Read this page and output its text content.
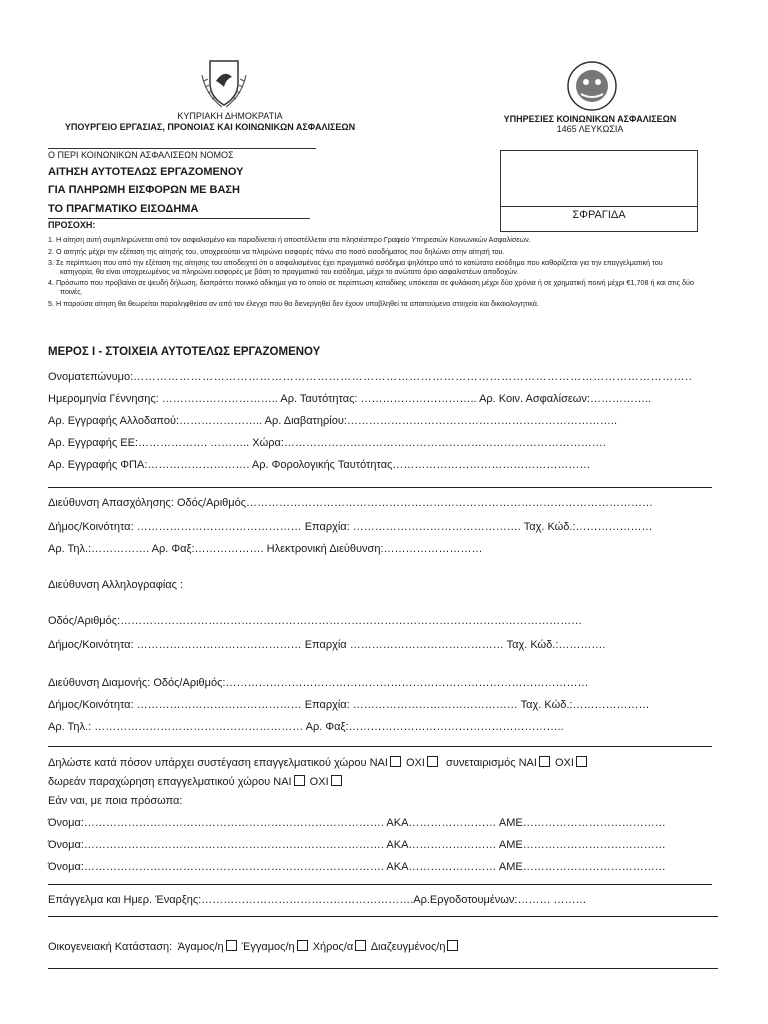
ΚΥΠΡΙΑΚΗ ΔΗΜΟΚΡΑΤΙΑ
ΥΠΟΥΡΓΕΙΟ ΕΡΓΑΣΙΑΣ, ΠΡΟΝΟΙΑΣ ΚΑΙ ΚΟΙΝΩΝΙΚΩΝ ΑΣΦΑΛΙΣΕΩΝ
ΥΠΗΡΕΣΙΕΣ ΚΟΙΝΩΝΙΚΩΝ ΑΣΦΑΛΙΣΕΩΝ
1465 ΛΕΥΚΩΣΙΑ
Ο ΠΕΡΙ ΚΟΙΝΩΝΙΚΩΝ ΑΣΦΑΛΙΣΕΩΝ ΝΟΜΟΣ
ΑΙΤΗΣΗ ΑΥΤΟΤΕΛΩΣ ΕΡΓΑΖΟΜΕΝΟΥ
ΓΙΑ ΠΛΗΡΩΜΗ ΕΙΣΦΟΡΩΝ ΜΕ ΒΑΣΗ
ΤΟ ΠΡΑΓΜΑΤΙΚΟ ΕΙΣΟΔΗΜΑ	ΣΦΡΑΓΙΔΑ
ΠΡΟΣΟΧΗ:
1. Η αίτηση αυτή συμπληρώνεται από τον ασφαλισμένο και παραδίνεται ή αποστέλλεται στο πλησιέστερο Γραφείο Υπηρεσιών Κοινωνικών Ασφαλίσεων.
2. Ο αιτητής μέχρι την εξέταση της αίτησής του, υποχρεούται να πληρώνει εισφορές πάνω στο ποσό εισοδήματος που δηλώνει στην αίτησή του.
3. Σε περίπτωση που από την εξέταση της αίτησης του αποδειχτεί ότι ο ασφαλισμένος έχει πραγματικό εισόδημα ψηλότερο από το κατώτατο εισόδημα που καθορίζεται για την επαγγελματική του κατηγορία, θα είναι υποχρεωμένος να πληρώνει εισφορές με βάση το πραγματικό του εισόδημα, μέχρι το ανώτατο όριο ασφαλιστέων αποδοχών.
4. Πρόσωπο που προβαίνει σε ψευδή δήλωση, διαπράττει ποινικό αδίκημα για το οποίο σε περίπτωση καταδίκης υπόκειται σε φυλάκιση μέχρι δύο χρόνια ή σε χρηματική ποινή μέχρι €1,708 ή και στις δύο ποινές.
5. Η παρούσα αίτηση θα θεωρείται παραληφθείσα αν από τον έλεγχο που θα διενεργηθεί δεν έχουν υποβληθεί τα απαιτούμενα στοιχεία και δικαιολογητικά.
ΜΕΡΟΣ Ι - ΣΤΟΙΧΕΙΑ ΑΥΤΟΤΕΛΩΣ ΕΡΓΑΖΟΜΕΝΟΥ
Ονοματεπώνυμο:………………………………………………………………………………………………………………………………..
Ημερομηνία Γέννησης: ………………………….. Αρ. Ταυτότητας: ………………………….. Αρ. Κοιν. Ασφαλίσεων:……………..
Αρ. Εγγραφής Αλλοδαπού:………………….. Αρ. Διαβατηρίου:………………………………………………………………..
Αρ. Εγγραφής ΕΕ:………………. ……….. Χώρα:…………………………………………………………………………….
Αρ. Εγγραφής ΦΠΑ:………………………. Αρ. Φορολογικής Ταυτότητας………………………………………………
Διεύθυνση Απασχόλησης: Οδός/Αριθμός…………………………………………………………………………………………………
Δήμος/Κοινότητα: ……………………………………… Επαρχία: ………………………………………. Ταχ. Κώδ.:…………………
Αρ. Τηλ.:……………. Αρ. Φαξ:………………. Ηλεκτρονική Διεύθυνση:………………………
Διεύθυνση Αλληλογραφίας :
Οδός/Αριθμός:………………………………………………………………………………………………………………
Δήμος/Κοινότητα: ……………………………………… Επαρχία …………………………………… Ταχ. Κώδ.:………….
Διεύθυνση Διαμονής: Οδός/Αριθμός:………………………………………………………………………………………
Δήμος/Κοινότητα: ……………………………………… Επαρχία: ……………………………………… Ταχ. Κώδ.:…………………
Αρ. Τηλ.: ………………………………………………… Αρ. Φαξ:…………………………………………………..
Δηλώστε κατά πόσον υπάρχει συστέγαση επαγγελματικού χώρου ΝΑΙ ΟΧΙ συνεταιρισμός ΝΑΙ ΟΧΙ
δωρεάν παραχώρηση επαγγελματικού χώρου ΝΑΙ ΟΧΙ
Εάν ναι, με ποια πρόσωπα:
Όνομα:………………………………………………………………………. ΑΚΑ…………………… ΑΜΕ…………………………………
Όνομα:………………………………………………………………………. ΑΚΑ…………………… ΑΜΕ…………………………………
Όνομα:………………………………………………………………………. ΑΚΑ…………………… ΑΜΕ…………………………………
Επάγγελμα και Ημερ. Έναρξης:………………………………………………….Αρ.Εργοδοτουμένων:……… ………
Οικογενειακή Κατάσταση: Άγαμος/η Έγγαμος/η Χήρος/α Διαζευγμένος/η
